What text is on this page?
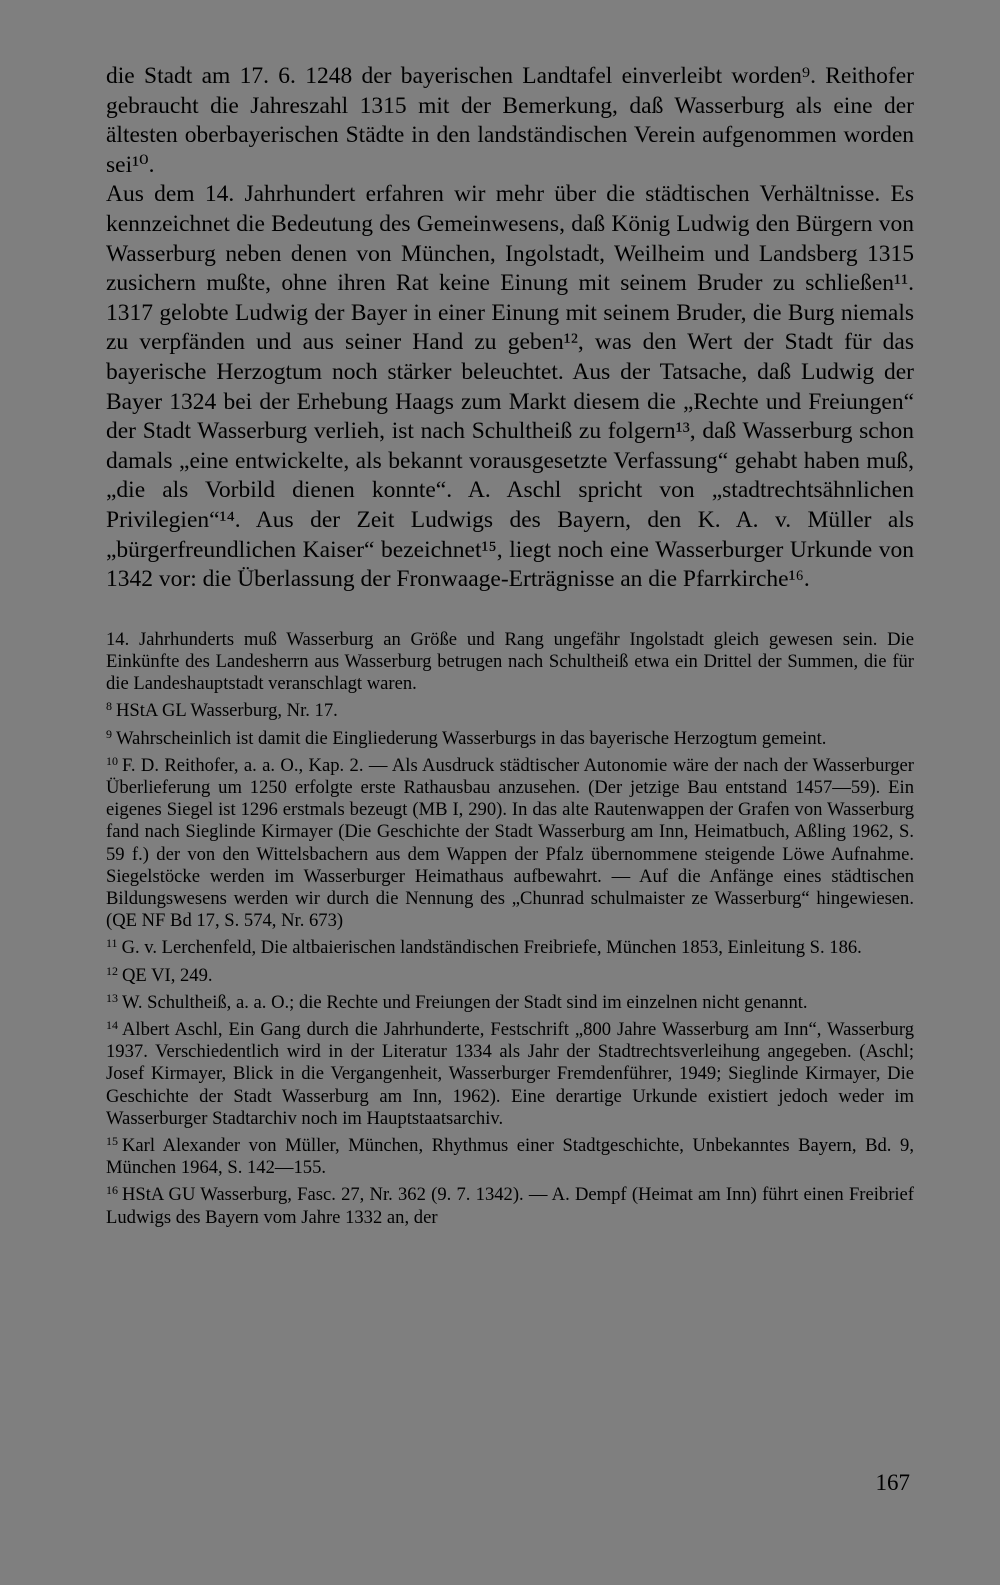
die Stadt am 17. 6. 1248 der bayerischen Landtafel einverleibt worden⁹. Reithofer gebraucht die Jahreszahl 1315 mit der Bemerkung, daß Wasserburg als eine der ältesten oberbayerischen Städte in den landständischen Verein aufgenommen worden sei¹⁰.

Aus dem 14. Jahrhundert erfahren wir mehr über die städtischen Verhältnisse. Es kennzeichnet die Bedeutung des Gemeinwesens, daß König Ludwig den Bürgern von Wasserburg neben denen von München, Ingolstadt, Weilheim und Landsberg 1315 zusichern mußte, ohne ihren Rat keine Einung mit seinem Bruder zu schließen¹¹. 1317 gelobte Ludwig der Bayer in einer Einung mit seinem Bruder, die Burg niemals zu verpfänden und aus seiner Hand zu geben¹², was den Wert der Stadt für das bayerische Herzogtum noch stärker beleuchtet. Aus der Tatsache, daß Ludwig der Bayer 1324 bei der Erhebung Haags zum Markt diesem die „Rechte und Freiungen“ der Stadt Wasserburg verlieh, ist nach Schultheiß zu folgern¹³, daß Wasserburg schon damals „eine entwickelte, als bekannt vorausgesetzte Verfassung“ gehabt haben muß, „die als Vorbild dienen konnte“. A. Aschl spricht von „stadtrechtsähnlichen Privilegien“¹⁴. Aus der Zeit Ludwigs des Bayern, den K. A. v. Müller als „bürgerfreundlichen Kaiser“ bezeichnet¹⁵, liegt noch eine Wasserburger Urkunde von 1342 vor: die Überlassung der Fronwaage-Erträgnisse an die Pfarrkirche¹⁶.

14. Jahrhunderts muß Wasserburg an Größe und Rang ungefähr Ingolstadt gleich gewesen sein. Die Einkünfte des Landesherrn aus Wasserburg betrugen nach Schultheiß etwa ein Drittel der Summen, die für die Landeshauptstadt veranschlagt waren.

$^8$ HStA GL Wasserburg, Nr. 17.

$^9$ Wahrscheinlich ist damit die Eingliederung Wasserburgs in das bayerische Herzogtum gemeint.

$^{10}$ F. D. Reithofer, a. a. O., Kap. 2. — Als Ausdruck städtischer Autonomie wäre der nach der Wasserburger Überlieferung um 1250 erfolgte erste Rathausbau anzusehen. (Der jetzige Bau entstand 1457—59). Ein eigenes Siegel ist 1296 erstmals bezeugt (MB I, 290). In das alte Rautenwappen der Grafen von Wasserburg fand nach Sieglinde Kirmayer (Die Geschichte der Stadt Wasserburg am Inn, Heimatbuch, Aßling 1962, S. 59 f.) der von den Wittelsbachern aus dem Wappen der Pfalz übernommene steigende Löwe Aufnahme. Siegelstöcke werden im Wasserburger Heimathaus aufbewahrt. — Auf die Anfänge eines städtischen Bildungswesens werden wir durch die Nennung des „Chunrad schulmaister ze Wasserburg“ hingewiesen. (QE NF Bd 17, S. 574, Nr. 673)

$^{11}$ G. v. Lerchenfeld, Die altbaierischen landständischen Freibriefe, München 1853, Einleitung S. 186.

$^{12}$ QE VI, 249.

$^{13}$ W. Schultheiß, a. a. O.; die Rechte und Freiungen der Stadt sind im einzelnen nicht genannt.

$^{14}$ Albert Aschl, Ein Gang durch die Jahrhunderte, Festschrift „800 Jahre Wasserburg am Inn“, Wasserburg 1937. Verschiedentlich wird in der Literatur 1334 als Jahr der Stadtrechtsverleihung angegeben. (Aschl; Josef Kirmayer, Blick in die Vergangenheit, Wasserburger Fremdenführer, 1949; Sieglinde Kirmayer, Die Geschichte der Stadt Wasserburg am Inn, 1962). Eine derartige Urkunde existiert jedoch weder im Wasserburger Stadtarchiv noch im Hauptstaatsarchiv.

$^{15}$ Karl Alexander von Müller, München, Rhythmus einer Stadtgeschichte, Unbekanntes Bayern, Bd. 9, München 1964, S. 142—155.

$^{16}$ HStA GU Wasserburg, Fasc. 27, Nr. 362 (9. 7. 1342). — A. Dempf (Heimat am Inn) führt einen Freibrief Ludwigs des Bayern vom Jahre 1332 an, der

167
